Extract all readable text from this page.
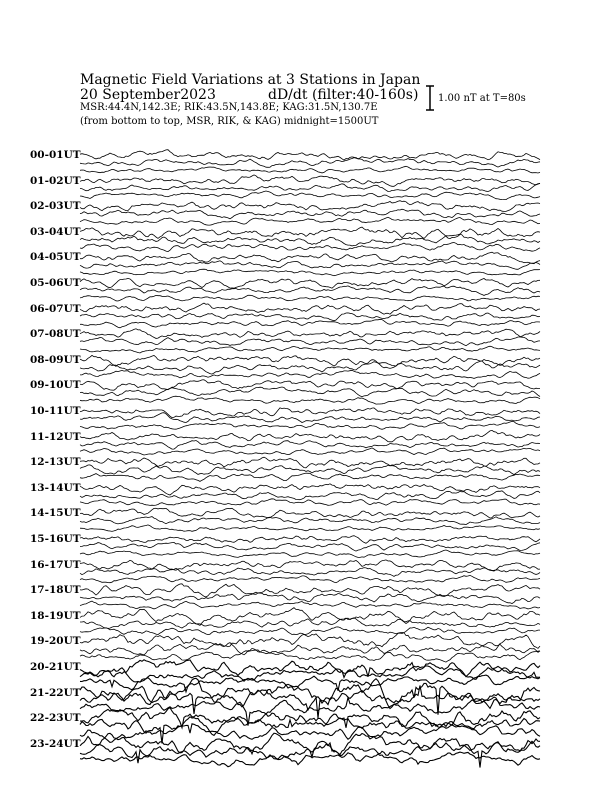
Magnetic Field Variations at 3 Stations in Japan
20 September2023	dD/dt (filter:40-160s)
MSR:44.4N,142.3E; RIK:43.5N,143.8E; KAG:31.5N,130.7E
(from bottom to top, MSR, RIK, & KAG) midnight=1500UT
1.00 nT at T=80s
00-01UT
01-02UT
02-03UT
03-04UT
04-05UT
05-06UT
06-07UT
07-08UT
08-09UT
09-10UT
10-11UT
11-12UT
12-13UT
13-14UT
14-15UT
15-16UT
16-17UT
17-18UT
18-19UT
19-20UT
20-21UT
21-22UT
22-23UT
23-24UT
